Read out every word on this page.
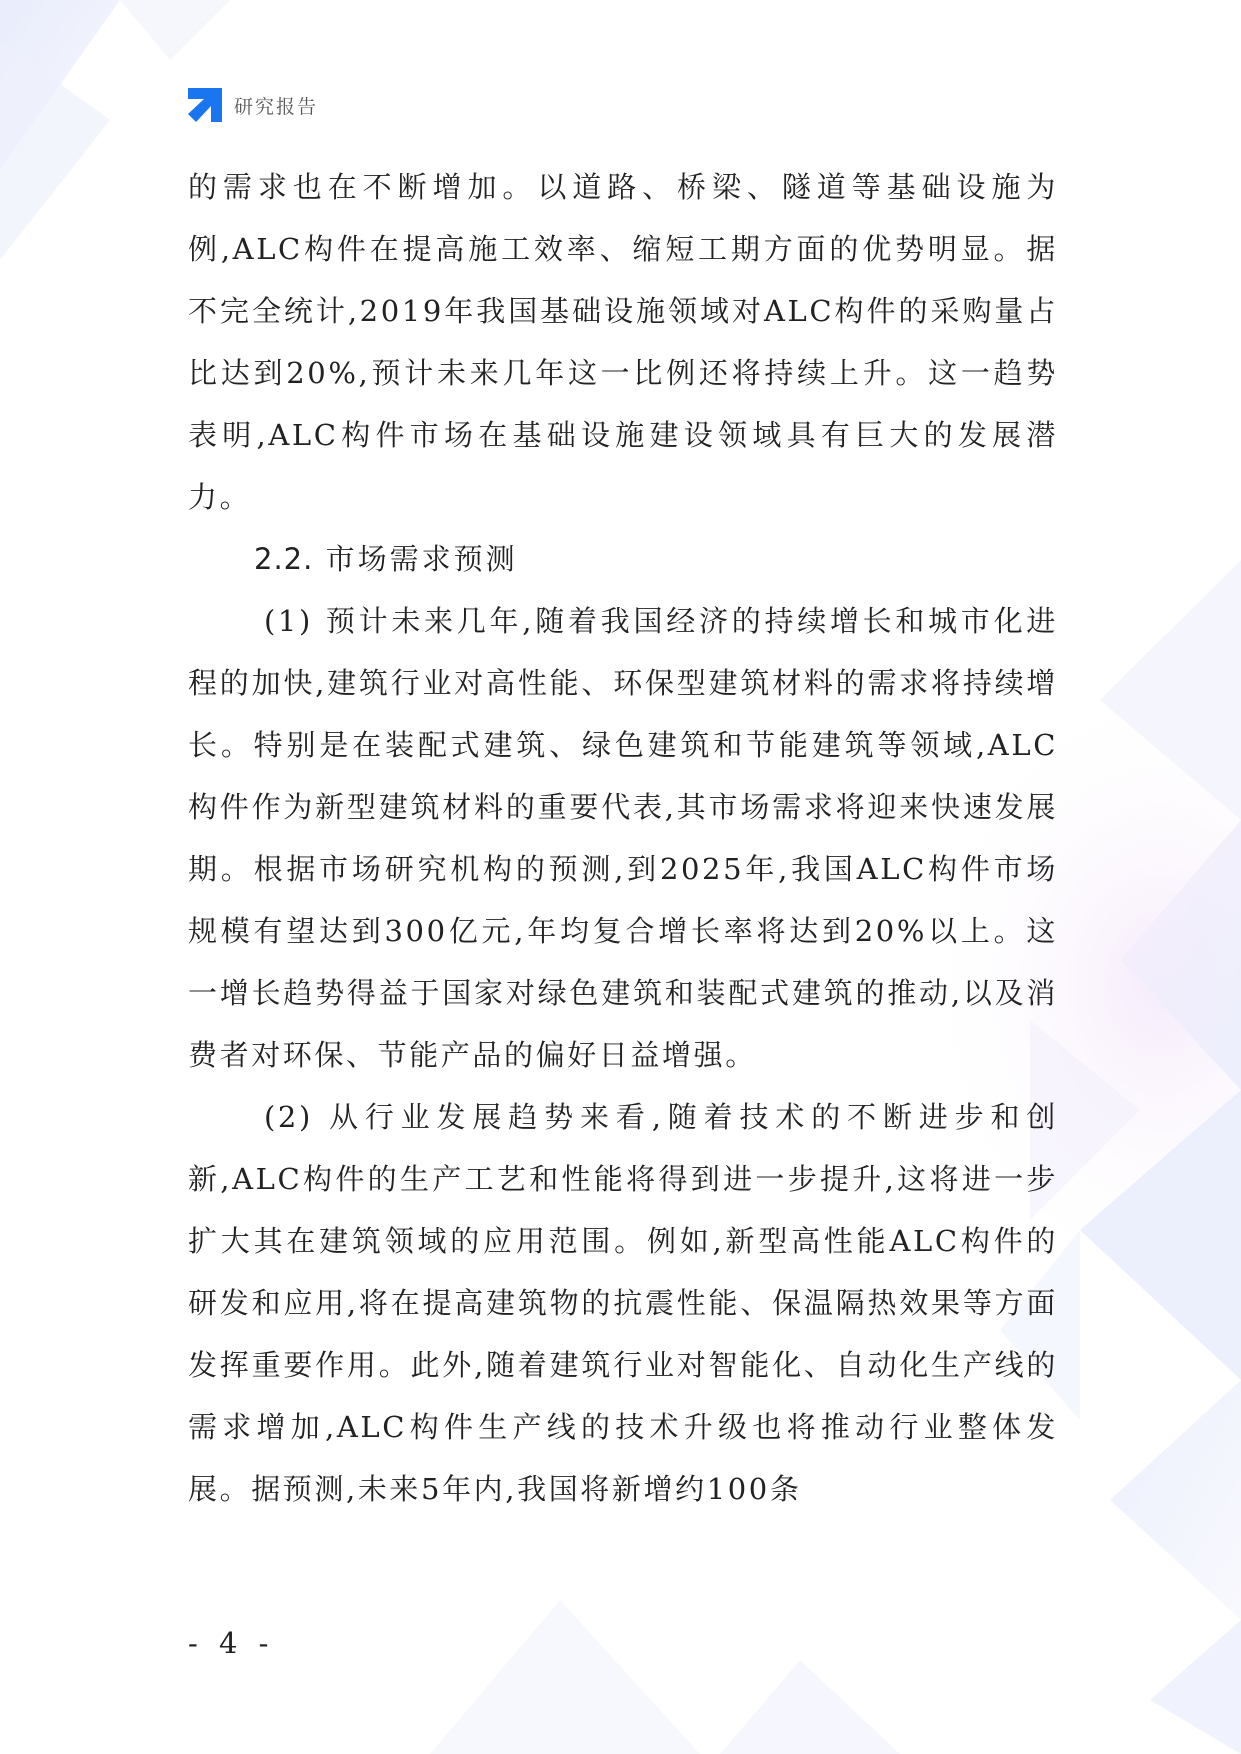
研究报告

的需求也在不断增加。以道路、桥梁、隧道等基础设施为例,ALC构件在提高施工效率、缩短工期方面的优势明显。据不完全统计,2019年我国基础设施领域对ALC构件的采购量占比达到20%,预计未来几年这一比例还将持续上升。这一趋势表明,ALC构件市场在基础设施建设领域具有巨大的发展潜力。

2.2. 市场需求预测

(1) 预计未来几年,随着我国经济的持续增长和城市化进程的加快,建筑行业对高性能、环保型建筑材料的需求将持续增长。特别是在装配式建筑、绿色建筑和节能建筑等领域,ALC构件作为新型建筑材料的重要代表,其市场需求将迎来快速发展期。根据市场研究机构的预测,到2025年,我国ALC构件市场规模有望达到300亿元,年均复合增长率将达到20%以上。这一增长趋势得益于国家对绿色建筑和装配式建筑的推动,以及消费者对环保、节能产品的偏好日益增强。

(2) 从行业发展趋势来看,随着技术的不断进步和创新,ALC构件的生产工艺和性能将得到进一步提升,这将进一步扩大其在建筑领域的应用范围。例如,新型高性能ALC构件的研发和应用,将在提高建筑物的抗震性能、保温隔热效果等方面发挥重要作用。此外,随着建筑行业对智能化、自动化生产线的需求增加,ALC构件生产线的技术升级也将推动行业整体发展。据预测,未来5年内,我国将新增约100条

- 4 -
